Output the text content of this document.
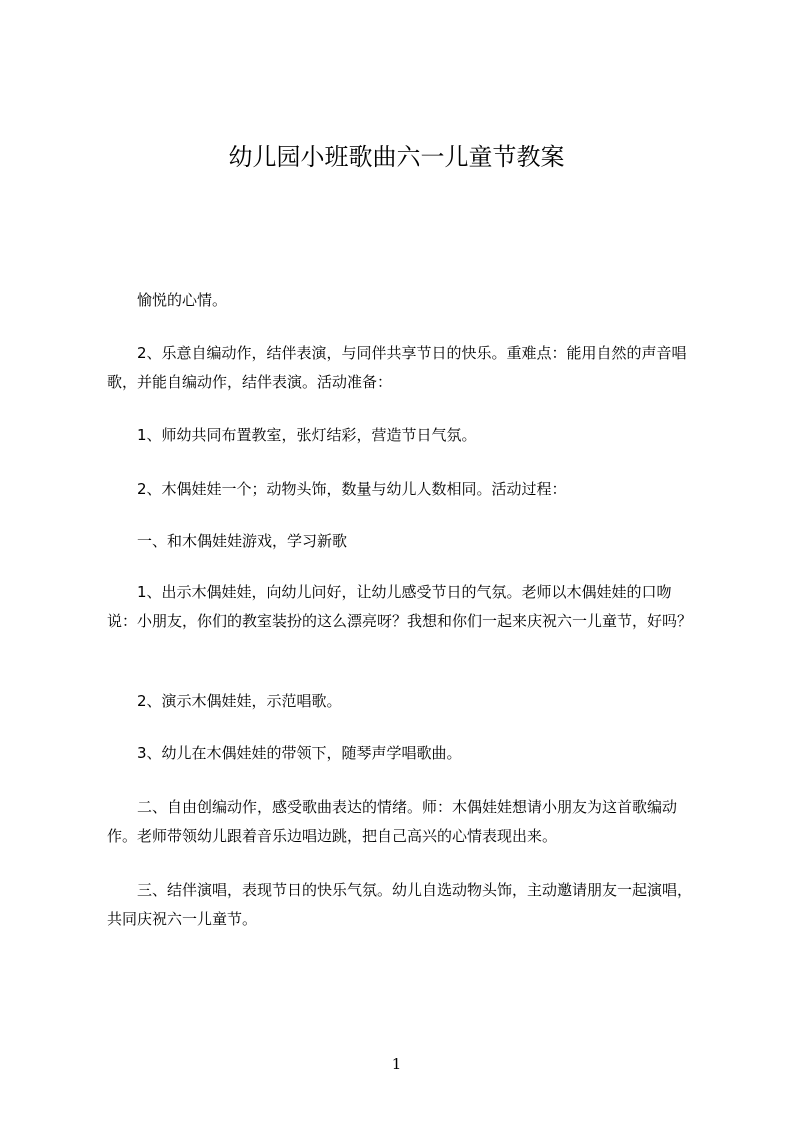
幼儿园小班歌曲六一儿童节教案

愉悦的心情。

2、乐意自编动作，结伴表演，与同伴共享节日的快乐。重难点：能用自然的声音唱歌，并能自编动作，结伴表演。活动准备：

1、师幼共同布置教室，张灯结彩，营造节日气氛。

2、木偶娃娃一个；动物头饰，数量与幼儿人数相同。活动过程：

一、和木偶娃娃游戏，学习新歌

1、出示木偶娃娃，向幼儿问好，让幼儿感受节日的气氛。老师以木偶娃娃的口吻说：小朋友，你们的教室装扮的这么漂亮呀？我想和你们一起来庆祝六一儿童节，好吗？

2、演示木偶娃娃，示范唱歌。

3、幼儿在木偶娃娃的带领下，随琴声学唱歌曲。

二、自由创编动作，感受歌曲表达的情绪。师：木偶娃娃想请小朋友为这首歌编动作。老师带领幼儿跟着音乐边唱边跳，把自己高兴的心情表现出来。

三、结伴演唱，表现节日的快乐气氛。幼儿自选动物头饰，主动邀请朋友一起演唱，共同庆祝六一儿童节。

1
